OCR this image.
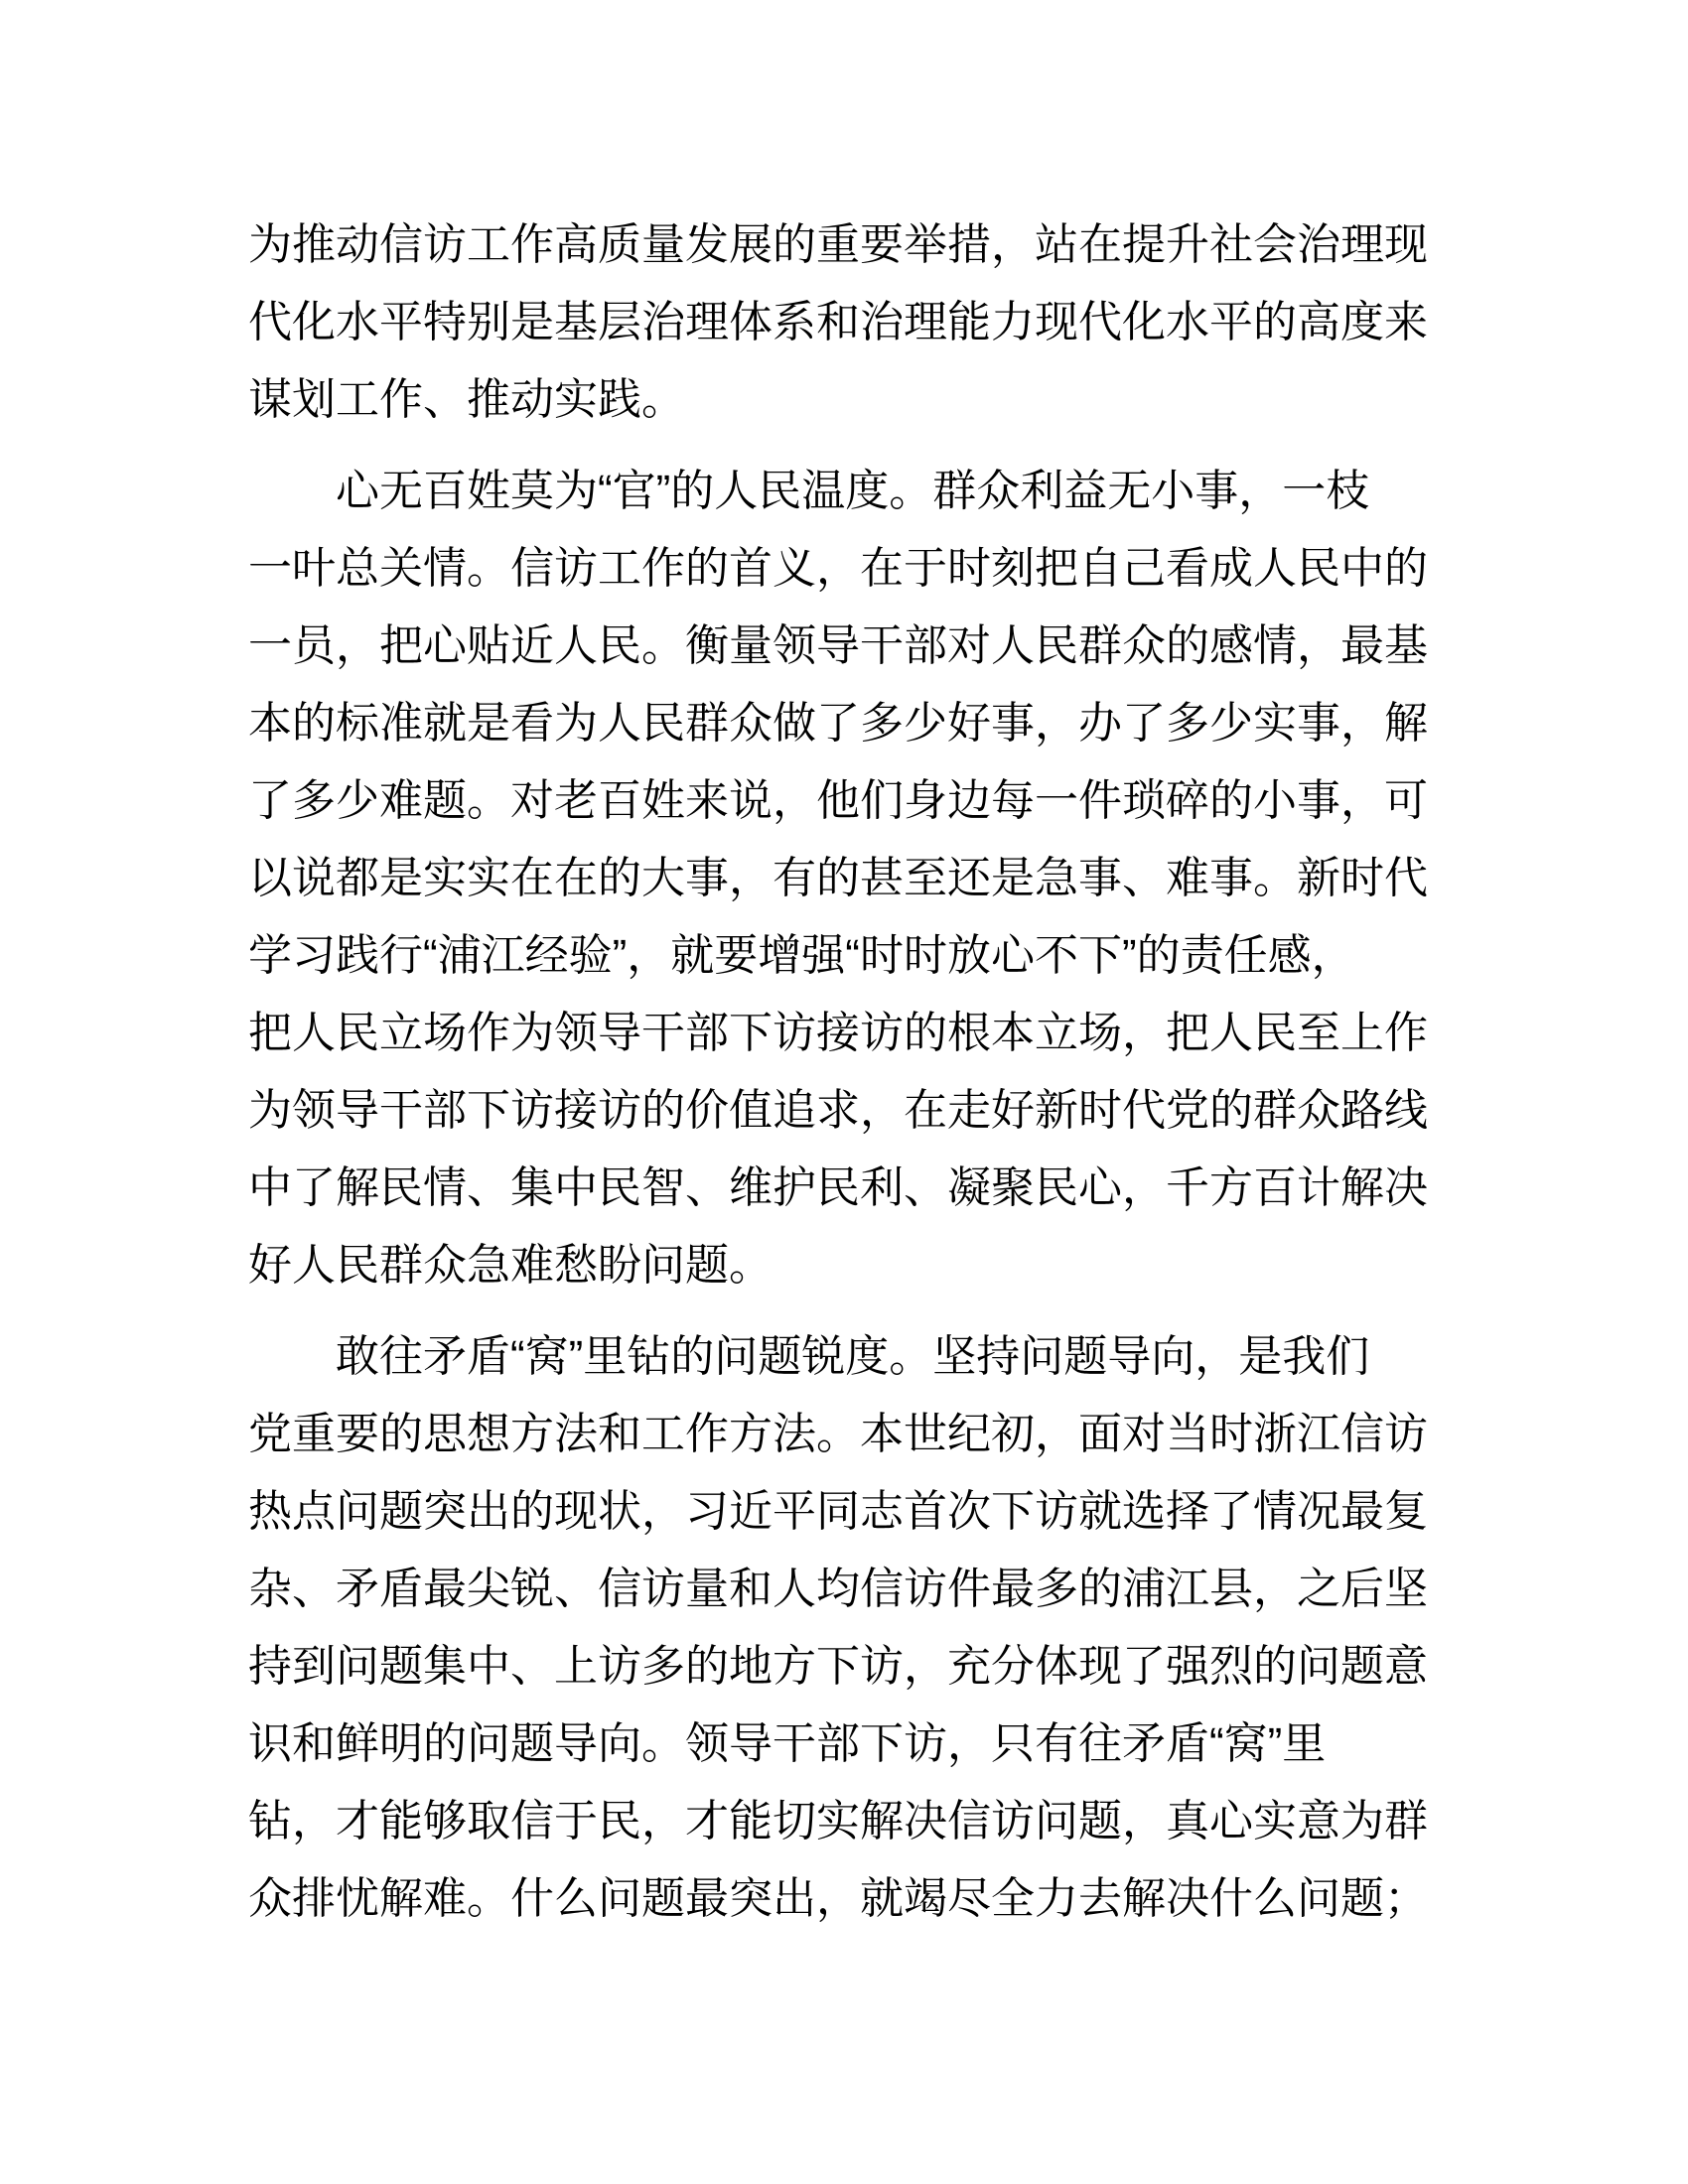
为推动信访工作高质量发展的重要举措，站在提升社会治理现
代化水平特别是基层治理体系和治理能力现代化水平的高度来
谋划工作、推动实践。
心无百姓莫为“官”的人民温度。群众利益无小事，一枝
一叶总关情。信访工作的首义，在于时刻把自己看成人民中的
一员，把心贴近人民。衡量领导干部对人民群众的感情，最基
本的标准就是看为人民群众做了多少好事，办了多少实事，解
了多少难题。对老百姓来说，他们身边每一件琐碎的小事，可
以说都是实实在在的大事，有的甚至还是急事、难事。新时代
学习践行“浦江经验”，就要增强“时时放心不下”的责任感，
把人民立场作为领导干部下访接访的根本立场，把人民至上作
为领导干部下访接访的价值追求，在走好新时代党的群众路线
中了解民情、集中民智、维护民利、凝聚民心，千方百计解决
好人民群众急难愁盼问题。
敢往矛盾“窝”里钻的问题锐度。坚持问题导向，是我们
党重要的思想方法和工作方法。本世纪初，面对当时浙江信访
热点问题突出的现状，习近平同志首次下访就选择了情况最复
杂、矛盾最尖锐、信访量和人均信访件最多的浦江县，之后坚
持到问题集中、上访多的地方下访，充分体现了强烈的问题意
识和鲜明的问题导向。领导干部下访，只有往矛盾“窝”里
钻，才能够取信于民，才能切实解决信访问题，真心实意为群
众排忧解难。什么问题最突出，就竭尽全力去解决什么问题；
